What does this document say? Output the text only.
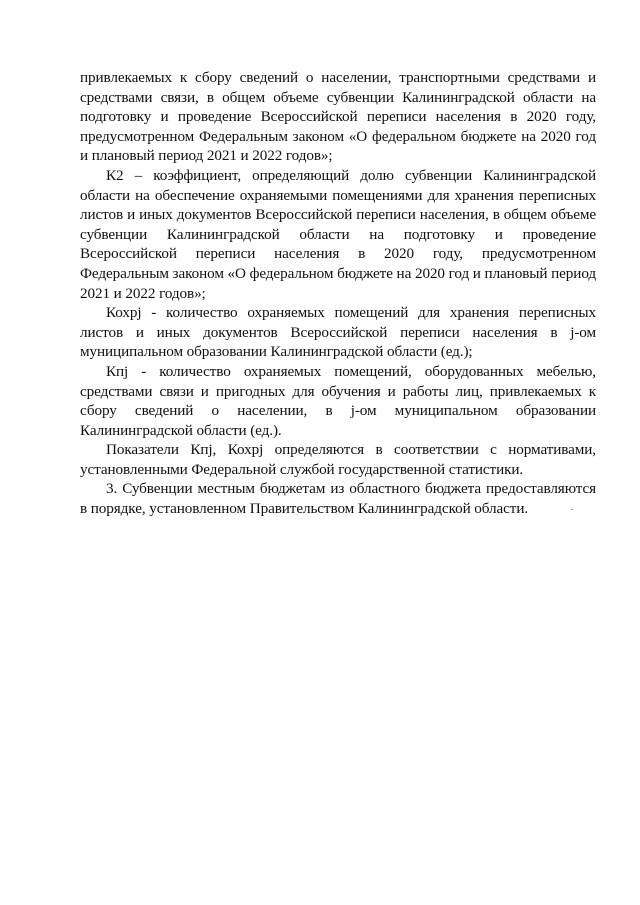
привлекаемых к сбору сведений о населении, транспортными средствами и средствами связи, в общем объеме субвенции Калининградской области на подготовку и проведение Всероссийской переписи населения в 2020 году, предусмотренном Федеральным законом «О федеральном бюджете на 2020 год и плановый период 2021 и 2022 годов»;

К2 – коэффициент, определяющий долю субвенции Калининградской области на обеспечение охраняемыми помещениями для хранения переписных листов и иных документов Всероссийской переписи населения, в общем объеме субвенции Калининградской области на подготовку и проведение Всероссийской переписи населения в 2020 году, предусмотренном Федеральным законом «О федеральном бюджете на 2020 год и плановый период 2021 и 2022 годов»;

Кохрj - количество охраняемых помещений для хранения переписных листов и иных документов Всероссийской переписи населения в j-ом муниципальном образовании Калининградской области (ед.);

Кпj - количество охраняемых помещений, оборудованных мебелью, средствами связи и пригодных для обучения и работы лиц, привлекаемых к сбору сведений о населении, в j-ом муниципальном образовании Калининградской области (ед.).

Показатели Кпj, Кохрj определяются в соответствии с нормативами, установленными Федеральной службой государственной статистики.

3. Субвенции местным бюджетам из областного бюджета предоставляются в порядке, установленном Правительством Калининградской области.
